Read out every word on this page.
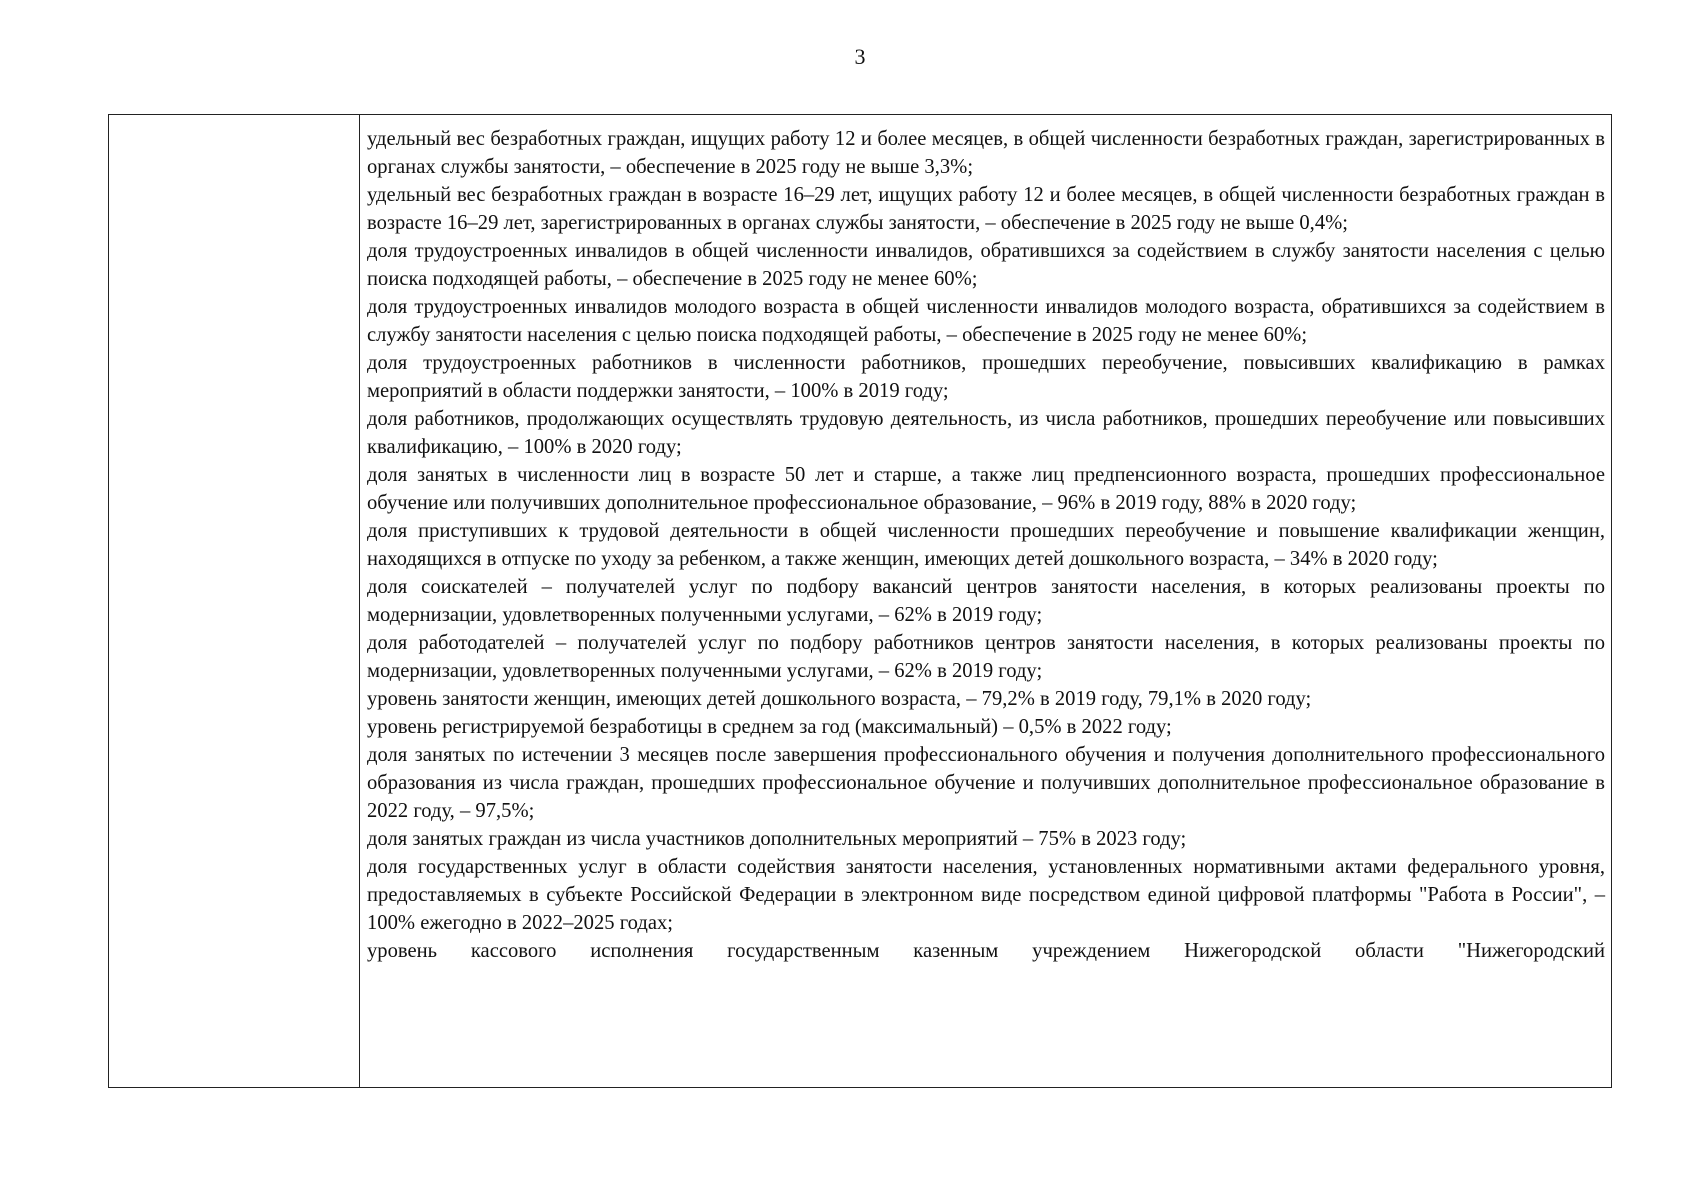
3

удельный вес безработных граждан, ищущих работу 12 и более месяцев, в общей численности безработных граждан, зарегистрированных в органах службы занятости, – обеспечение в 2025 году не выше 3,3%;

удельный вес безработных граждан в возрасте 16–29 лет, ищущих работу 12 и более месяцев, в общей численности безработных граждан в возрасте 16–29 лет, зарегистрированных в органах службы занятости, – обеспечение в 2025 году не выше 0,4%;

доля трудоустроенных инвалидов в общей численности инвалидов, обратившихся за содействием в службу занятости населения с целью поиска подходящей работы, – обеспечение в 2025 году не менее 60%;

доля трудоустроенных инвалидов молодого возраста в общей численности инвалидов молодого возраста, обратившихся за содействием в службу занятости населения с целью поиска подходящей работы, – обеспечение в 2025 году не менее 60%;

доля трудоустроенных работников в численности работников, прошедших переобучение, повысивших квалификацию в рамках мероприятий в области поддержки занятости, – 100% в 2019 году;

доля работников, продолжающих осуществлять трудовую деятельность, из числа работников, прошедших переобучение или повысивших квалификацию, – 100% в 2020 году;

доля занятых в численности лиц в возрасте 50 лет и старше, а также лиц предпенсионного возраста, прошедших профессиональное обучение или получивших дополнительное профессиональное образование, – 96% в 2019 году, 88% в 2020 году;

доля приступивших к трудовой деятельности в общей численности прошедших переобучение и повышение квалификации женщин, находящихся в отпуске по уходу за ребенком, а также женщин, имеющих детей дошкольного возраста, – 34% в 2020 году;

доля соискателей – получателей услуг по подбору вакансий центров занятости населения, в которых реализованы проекты по модернизации, удовлетворенных полученными услугами, – 62% в 2019 году;

доля работодателей – получателей услуг по подбору работников центров занятости населения, в которых реализованы проекты по модернизации, удовлетворенных полученными услугами, – 62% в 2019 году;

уровень занятости женщин, имеющих детей дошкольного возраста, – 79,2% в 2019 году, 79,1% в 2020 году;

уровень регистрируемой безработицы в среднем за год (максимальный) – 0,5% в 2022 году;

доля занятых по истечении 3 месяцев после завершения профессионального обучения и получения дополнительного профессионального образования из числа граждан, прошедших профессиональное обучение и получивших дополнительное профессиональное образование в 2022 году, – 97,5%;

доля занятых граждан из числа участников дополнительных мероприятий – 75% в 2023 году;

доля государственных услуг в области содействия занятости населения, установленных нормативными актами федерального уровня, предоставляемых в субъекте Российской Федерации в электронном виде посредством единой цифровой платформы "Работа в России", – 100% ежегодно в 2022–2025 годах;

уровень кассового исполнения государственным казенным учреждением Нижегородской области "Нижегородский
